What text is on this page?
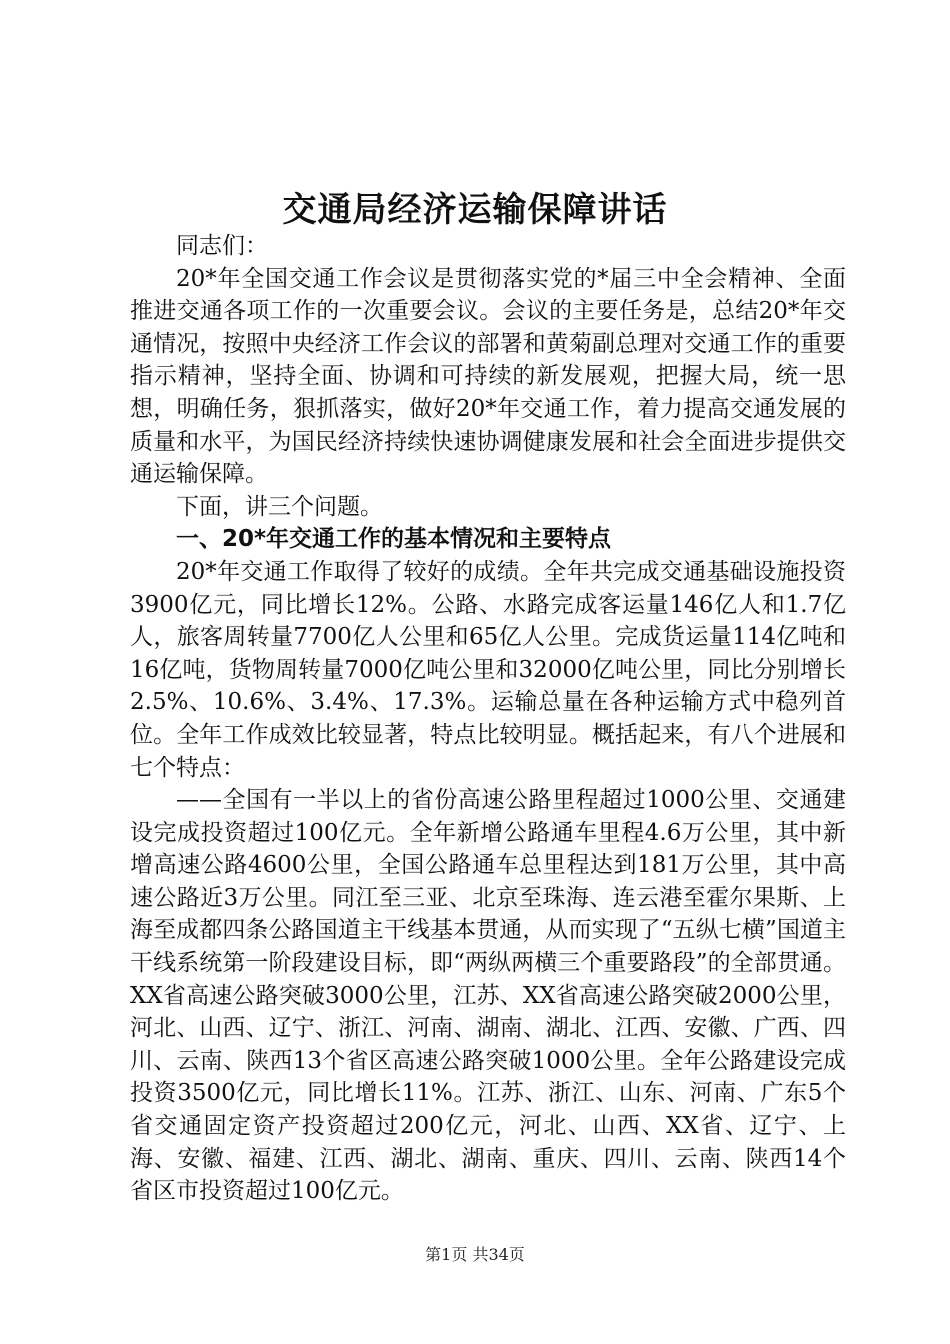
交通局经济运输保障讲话

同志们：

20*年全国交通工作会议是贯彻落实党的*届三中全会精神、全面推进交通各项工作的一次重要会议。会议的主要任务是，总结20*年交通情况，按照中央经济工作会议的部署和黄菊副总理对交通工作的重要指示精神，坚持全面、协调和可持续的新发展观，把握大局，统一思想，明确任务，狠抓落实，做好20*年交通工作，着力提高交通发展的质量和水平，为国民经济持续快速协调健康发展和社会全面进步提供交通运输保障。

下面，讲三个问题。

一、20*年交通工作的基本情况和主要特点

20*年交通工作取得了较好的成绩。全年共完成交通基础设施投资3900亿元，同比增长12%。公路、水路完成客运量146亿人和1.7亿人，旅客周转量7700亿人公里和65亿人公里。完成货运量114亿吨和16亿吨，货物周转量7000亿吨公里和32000亿吨公里，同比分别增长2.5%、10.6%、3.4%、17.3%。运输总量在各种运输方式中稳列首位。全年工作成效比较显著，特点比较明显。概括起来，有八个进展和七个特点：

——全国有一半以上的省份高速公路里程超过1000公里、交通建设完成投资超过100亿元。全年新增公路通车里程4.6万公里，其中新增高速公路4600公里，全国公路通车总里程达到181万公里，其中高速公路近3万公里。同江至三亚、北京至珠海、连云港至霍尔果斯、上海至成都四条公路国道主干线基本贯通，从而实现了“五纵七横”国道主干线系统第一阶段建设目标，即“两纵两横三个重要路段”的全部贯通。XX省高速公路突破3000公里，江苏、XX省高速公路突破2000公里，河北、山西、辽宁、浙江、河南、湖南、湖北、江西、安徽、广西、四川、云南、陕西13个省区高速公路突破1000公里。全年公路建设完成投资3500亿元，同比增长11%。江苏、浙江、山东、河南、广东5个省交通固定资产投资超过200亿元，河北、山西、XX省、辽宁、上海、安徽、福建、江西、湖北、湖南、重庆、四川、云南、陕西14个省区市投资超过100亿元。

第1页 共34页
